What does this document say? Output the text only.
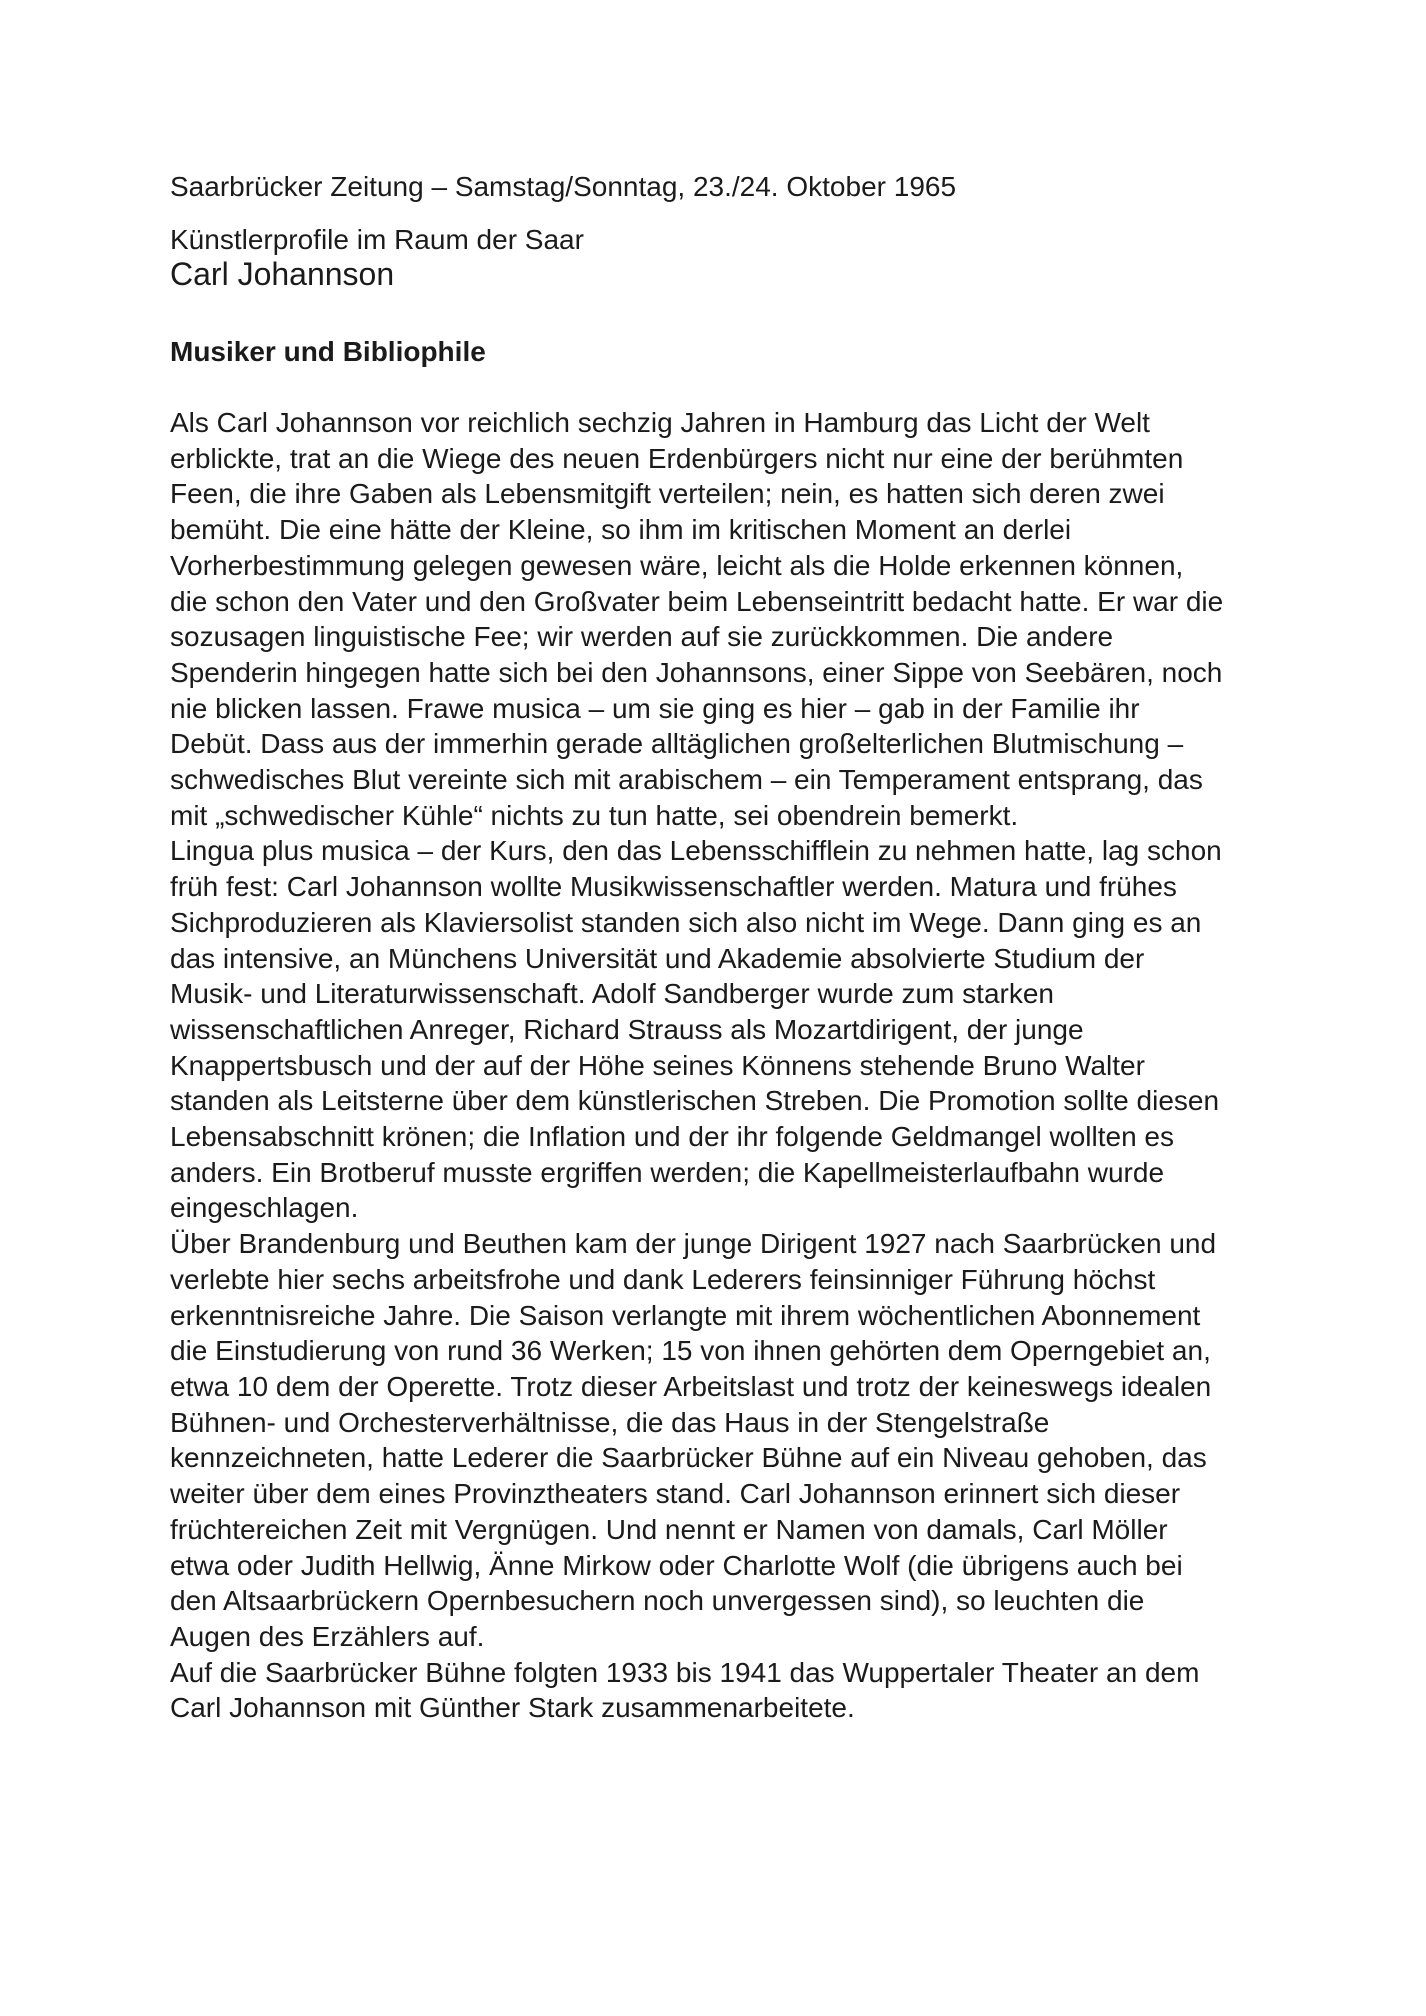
Saarbrücker Zeitung – Samstag/Sonntag, 23./24. Oktober 1965
Künstlerprofile im Raum der Saar
Carl Johannson
Musiker und Bibliophile
Als Carl Johannson vor reichlich sechzig Jahren in Hamburg das Licht der Welt
erblickte, trat an die Wiege des neuen Erdenbürgers nicht nur eine der berühmten
Feen, die ihre Gaben als Lebensmitgift verteilen; nein, es hatten sich deren zwei
bemüht. Die eine hätte der Kleine, so ihm im kritischen Moment an derlei
Vorherbestimmung gelegen gewesen wäre, leicht als die Holde erkennen können,
die schon den Vater und den Großvater beim Lebenseintritt bedacht hatte. Er war die
sozusagen linguistische Fee; wir werden auf sie zurückkommen. Die andere
Spenderin hingegen hatte sich bei den Johannsons, einer Sippe von Seebären, noch
nie blicken lassen. Frawe musica – um sie ging es hier – gab in der Familie ihr
Debüt. Dass aus der immerhin gerade alltäglichen großelterlichen Blutmischung –
schwedisches Blut vereinte sich mit arabischem – ein Temperament entsprang, das
mit „schwedischer Kühle“ nichts zu tun hatte, sei obendrein bemerkt.
Lingua plus musica – der Kurs, den das Lebensschifflein zu nehmen hatte, lag schon
früh fest: Carl Johannson wollte Musikwissenschaftler werden. Matura und frühes
Sichproduzieren als Klaviersolist standen sich also nicht im Wege. Dann ging es an
das intensive, an Münchens Universität und Akademie absolvierte Studium der
Musik- und Literaturwissenschaft. Adolf Sandberger wurde zum starken
wissenschaftlichen Anreger, Richard Strauss als Mozartdirigent, der junge
Knappertsbusch und der auf der Höhe seines Könnens stehende Bruno Walter
standen als Leitsterne über dem künstlerischen Streben. Die Promotion sollte diesen
Lebensabschnitt krönen; die Inflation und der ihr folgende Geldmangel wollten es
anders. Ein Brotberuf musste ergriffen werden; die Kapellmeisterlaufbahn wurde
eingeschlagen.
Über Brandenburg und Beuthen kam der junge Dirigent 1927 nach Saarbrücken und
verlebte hier sechs arbeitsfrohe und dank Lederers feinsinniger Führung höchst
erkenntnisreiche Jahre. Die Saison verlangte mit ihrem wöchentlichen Abonnement
die Einstudierung von rund 36 Werken; 15 von ihnen gehörten dem Operngebiet an,
etwa 10 dem der Operette. Trotz dieser Arbeitslast und trotz der keineswegs idealen
Bühnen- und Orchesterverhältnisse, die das Haus in der Stengelstraße
kennzeichneten, hatte Lederer die Saarbrücker Bühne auf ein Niveau gehoben, das
weiter über dem eines Provinztheaters stand. Carl Johannson erinnert sich dieser
früchtereichen Zeit mit Vergnügen. Und nennt er Namen von damals, Carl Möller
etwa oder Judith Hellwig, Änne Mirkow oder Charlotte Wolf (die übrigens auch bei
den Altsaarbrückern Opernbesuchern noch unvergessen sind), so leuchten die
Augen des Erzählers auf.
Auf die Saarbrücker Bühne folgten 1933 bis 1941 das Wuppertaler Theater an dem
Carl Johannson mit Günther Stark zusammenarbeitete.
